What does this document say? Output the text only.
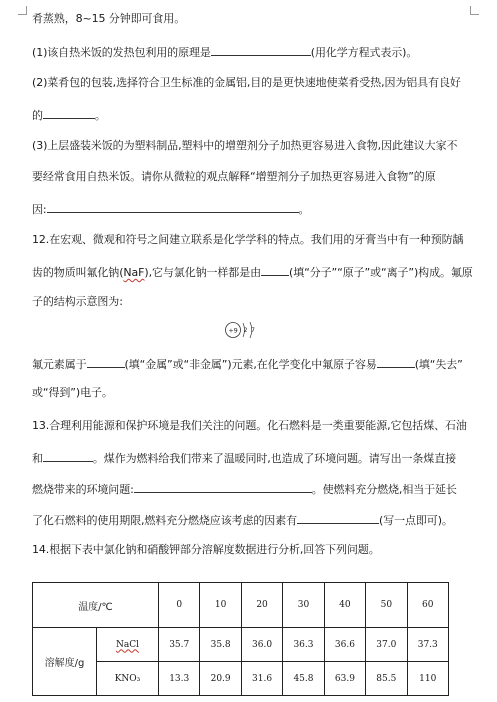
肴蒸熟，8~15 分钟即可食用。
(1)该自热米饭的发热包利用的原理是	(用化学方程式表示)。
(2)菜肴包的包装,选择符合卫生标准的金属铝,目的是更快速地使菜肴受热,因为铝具有良好
的	。
(3)上层盛装米饭的为塑料制品,塑料中的增塑剂分子加热更容易进入食物,因此建议大家不
要经常食用自热米饭。请你从微粒的观点解释“增塑剂分子加热更容易进入食物”的原
因:	。
12.在宏观、微观和符号之间建立联系是化学学科的特点。我们用的牙膏当中有一种预防龋
齿的物质叫氟化钠(NaF),它与氯化钠一样都是由	(填“分子”“原子”或“离子”)构成。氟原
子的结构示意图为:
+9 2 7
氟元素属于	(填“金属”或“非金属”)元素,在化学变化中氟原子容易	(填“失去”
或“得到”)电子。
13.合理利用能源和保护环境是我们关注的问题。化石燃料是一类重要能源,它包括煤、石油
和	。煤作为燃料给我们带来了温暖同时,也造成了环境问题。请写出一条煤直接
燃烧带来的环境问题:	。使燃料充分燃烧,相当于延长
了化石燃料的使用期限,燃料充分燃烧应该考虑的因素有	(写一点即可)。
14.根据下表中氯化钠和硝酸钾部分溶解度数据进行分析,回答下列问题。
温度/℃		0	10	20	30	40	50	60
溶解度/g	NaCl	35.7	35.8	36.0	36.3	36.6	37.0	37.3
	KNO₃	13.3	20.9	31.6	45.8	63.9	85.5	110
